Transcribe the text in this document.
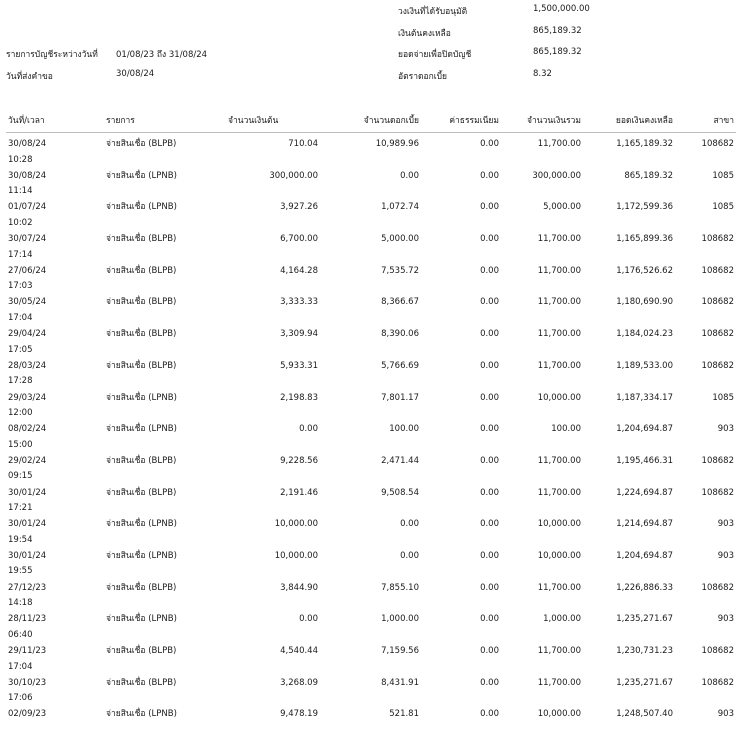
วงเงินที่ได้รับอนุมัติ	1,500,000.00
เงินต้นคงเหลือ	865,189.32
ยอดจ่ายเพื่อปิดบัญชี	865,189.32
อัตราดอกเบี้ย	8.32
รายการบัญชีระหว่างวันที่ 01/08/23 ถึง 31/08/24
วันที่ส่งคำขอ	30/08/24
วันที่/เวลา	รายการ	จำนวนเงินต้น	จำนวนดอกเบี้ย	ค่าธรรมเนียม	จำนวนเงินรวม	ยอดเงินคงเหลือ	สาขา

30/08/24
10:28	จ่ายสินเชื่อ (BLPB)	710.04	10,989.96	0.00	11,700.00	1,165,189.32	108682

30/08/24
11:14	จ่ายสินเชื่อ (LPNB)	300,000.00	0.00	0.00	300,000.00	865,189.32	1085

01/07/24
10:02	จ่ายสินเชื่อ (LPNB)	3,927.26	1,072.74	0.00	5,000.00	1,172,599.36	1085

30/07/24
17:14	จ่ายสินเชื่อ (BLPB)	6,700.00	5,000.00	0.00	11,700.00	1,165,899.36	108682

27/06/24
17:03	จ่ายสินเชื่อ (BLPB)	4,164.28	7,535.72	0.00	11,700.00	1,176,526.62	108682

30/05/24
17:04	จ่ายสินเชื่อ (BLPB)	3,333.33	8,366.67	0.00	11,700.00	1,180,690.90	108682

29/04/24
17:05	จ่ายสินเชื่อ (BLPB)	3,309.94	8,390.06	0.00	11,700.00	1,184,024.23	108682

28/03/24
17:28	จ่ายสินเชื่อ (BLPB)	5,933.31	5,766.69	0.00	11,700.00	1,189,533.00	108682

29/03/24
12:00	จ่ายสินเชื่อ (LPNB)	2,198.83	7,801.17	0.00	10,000.00	1,187,334.17	1085

08/02/24
15:00	จ่ายสินเชื่อ (LPNB)	0.00	100.00	0.00	100.00	1,204,694.87	903

29/02/24
09:15	จ่ายสินเชื่อ (BLPB)	9,228.56	2,471.44	0.00	11,700.00	1,195,466.31	108682

30/01/24
17:21	จ่ายสินเชื่อ (BLPB)	2,191.46	9,508.54	0.00	11,700.00	1,224,694.87	108682

30/01/24
19:54	จ่ายสินเชื่อ (LPNB)	10,000.00	0.00	0.00	10,000.00	1,214,694.87	903

30/01/24
19:55	จ่ายสินเชื่อ (LPNB)	10,000.00	0.00	0.00	10,000.00	1,204,694.87	903

27/12/23
14:18	จ่ายสินเชื่อ (BLPB)	3,844.90	7,855.10	0.00	11,700.00	1,226,886.33	108682

28/11/23
06:40	จ่ายสินเชื่อ (LPNB)	0.00	1,000.00	0.00	1,000.00	1,235,271.67	903

29/11/23
17:04	จ่ายสินเชื่อ (BLPB)	4,540.44	7,159.56	0.00	11,700.00	1,230,731.23	108682

30/10/23
17:06	จ่ายสินเชื่อ (BLPB)	3,268.09	8,431.91	0.00	11,700.00	1,235,271.67	108682

02/09/23	จ่ายสินเชื่อ (LPNB)	9,478.19	521.81	0.00	10,000.00	1,248,507.40	903
